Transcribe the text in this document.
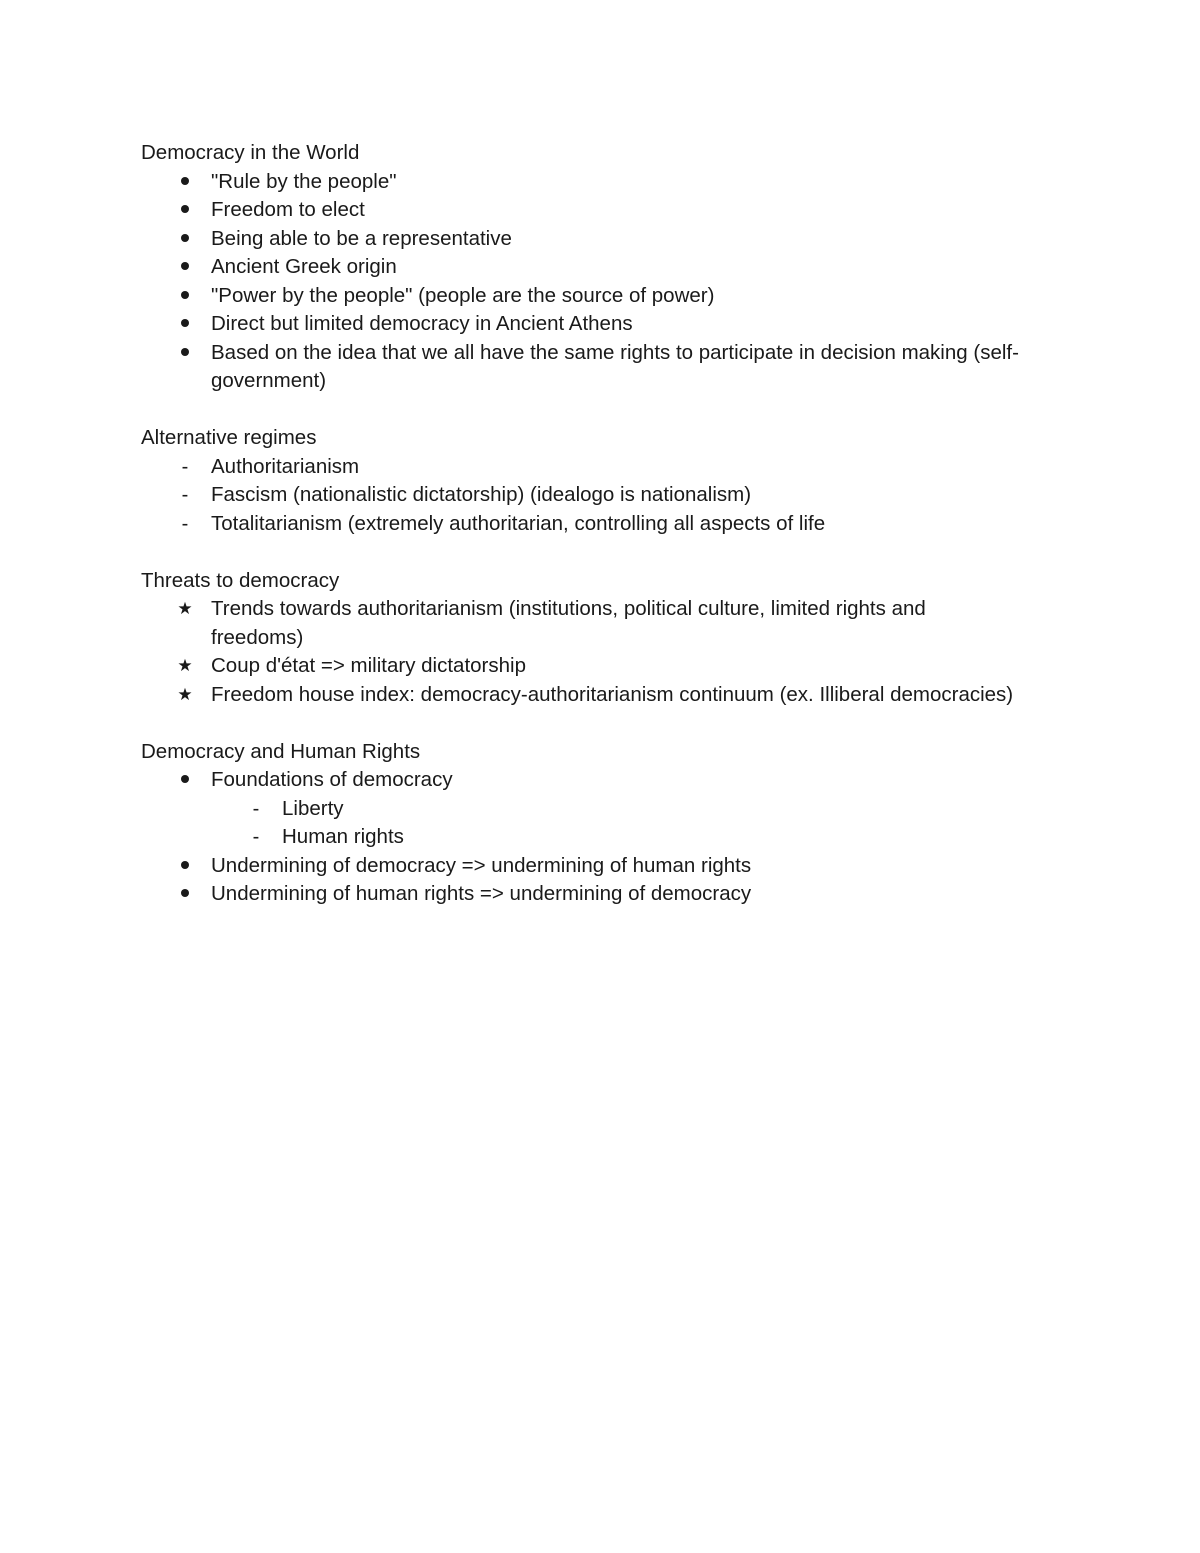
Democracy in the World
"Rule by the people"
Freedom to elect
Being able to be a representative
Ancient Greek origin
"Power by the people" (people are the source of power)
Direct but limited democracy in Ancient Athens
Based on the idea that we all have the same rights to participate in decision making (self-government)
Alternative regimes
-	Authoritarianism
-	Fascism (nationalistic dictatorship) (idealogo is nationalism)
-	Totalitarianism (extremely authoritarian, controlling all aspects of life
Threats to democracy
★ Trends towards authoritarianism (institutions, political culture, limited rights and freedoms)
★ Coup d'état => military dictatorship
★ Freedom house index: democracy-authoritarianism continuum (ex. Illiberal democracies)
Democracy and Human Rights
Foundations of democracy
-	Liberty
-	Human rights
Undermining of democracy => undermining of human rights
Undermining of human rights => undermining of democracy
